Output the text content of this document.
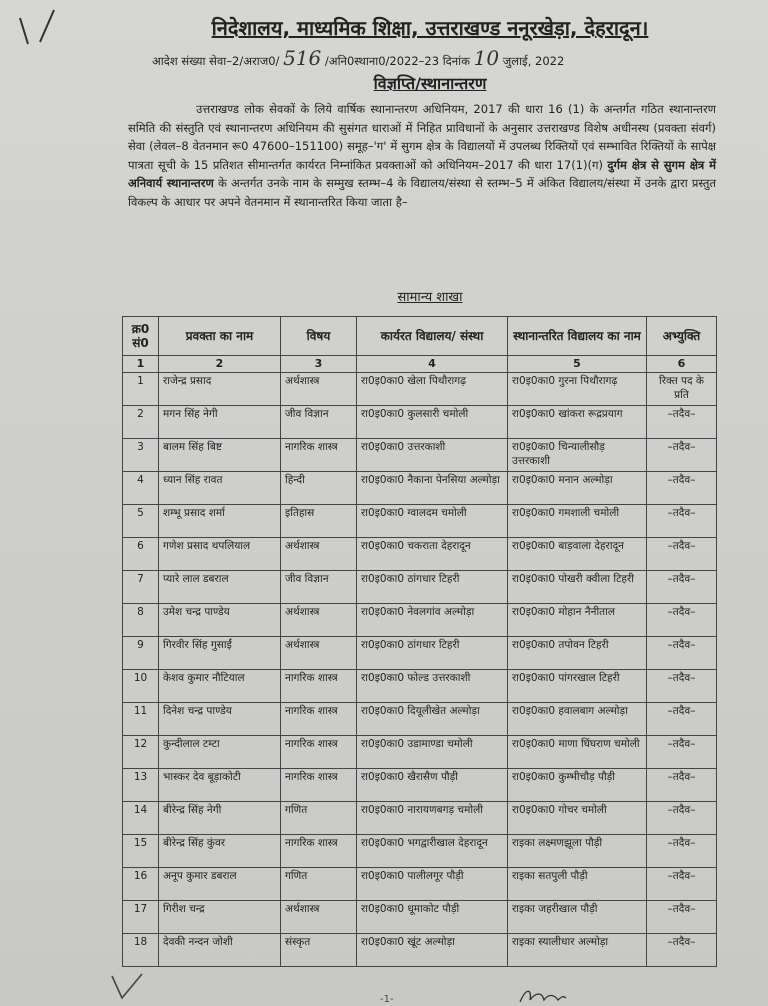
निदेशालय, माध्यमिक शिक्षा, उत्तराखण्ड ननूरखेड़ा, देहरादून।
आदेश संख्या सेवा–2/अराज0/ 516 /अनि0स्थाना0/2022–23 दिनांक 10 जुलाई, 2022
विज्ञप्ति/स्थानान्तरण

उत्तराखण्ड लोक सेवकों के लिये वार्षिक स्थानान्तरण अधिनियम, 2017 की धारा 16 (1) के अन्तर्गत गठित स्थानान्तरण समिति की संस्तुति एवं स्थानान्तरण अधिनियम की सुसंगत धाराओं में निहित प्राविधानों के अनुसार उत्तराखण्ड विशेष अधीनस्थ (प्रवक्ता संवर्ग) सेवा (लेवल–8 वेतनमान रू0 47600–151100) समूह–'ग' में सुगम क्षेत्र के विद्यालयों में उपलब्ध रिक्तियों एवं सम्भावित रिक्तियों के सापेक्ष पात्रता सूची के 15 प्रतिशत सीमान्तर्गत कार्यरत निम्नांकित प्रवक्ताओं को अधिनियम–2017 की धारा 17(1)(ग) दुर्गम क्षेत्र से सुगम क्षेत्र में अनिवार्य स्थानान्तरण के अन्तर्गत उनके नाम के सम्मुख स्तम्भ–4 के विद्यालय/संस्था से स्तम्भ–5 में अंकित विद्यालय/संस्था में उनके द्वारा प्रस्तुत विकल्प के आधार पर अपने वेतनमान में स्थानान्तरित किया जाता है–

सामान्य शाखा
क्र0 सं0	प्रवक्ता का नाम	विषय	कार्यरत विद्यालय/ संस्था	स्थानान्तरित विद्यालय का नाम	अभ्युक्ति
1	2	3	4	5	6
1	राजेन्द्र प्रसाद	अर्थशास्त्र	रा0इ0का0 खेला पिथौरागढ़	रा0इ0का0 गुरना पिथौरागढ़	रिक्त पद के प्रति
2	मगन सिंह नेगी	जीव विज्ञान	रा0इ0का0 कुलसारी चमोली	रा0इ0का0 खांकरा रूद्रप्रयाग	–तदैव–
3	बालम सिंह बिष्ट	नागरिक शास्त्र	रा0इ0का0 उत्तरकाशी	रा0इ0का0 चिन्यालीसौड़ उत्तरकाशी	–तदैव–
4	ध्यान सिंह रावत	हिन्दी	रा0इ0का0 नैकाना पेनसिया अल्मोड़ा	रा0इ0का0 मनान अल्मोड़ा	–तदैव–
5	शम्भू प्रसाद शर्मा	इतिहास	रा0इ0का0 ग्वालदम चमोली	रा0इ0का0 गमशाली चमोली	–तदैव–
6	गणेश प्रसाद थपलियाल	अर्थशास्त्र	रा0इ0का0 चकराता देहरादून	रा0इ0का0 बाड़वाला देहरादून	–तदैव–
7	प्यारे लाल डबराल	जीव विज्ञान	रा0इ0का0 ठांगधार टिहरी	रा0इ0का0 पोखरी क्वीला टिहरी	–तदैव–
8	उमेश चन्द्र पाण्डेय	अर्थशास्त्र	रा0इ0का0 नेवलगांव अल्मोड़ा	रा0इ0का0 मोहान नैनीताल	–तदैव–
9	गिरवीर सिंह गुसाईं	अर्थशास्त्र	रा0इ0का0 ठांगधार टिहरी	रा0इ0का0 तपोवन टिहरी	–तदैव–
10	केशव कुमार नौटियाल	नागरिक शास्त्र	रा0इ0का0 फोल्ड उत्तरकाशी	रा0इ0का0 पांगरखाल टिहरी	–तदैव–
11	दिनेश चन्द्र पाण्डेय	नागरिक शास्त्र	रा0इ0का0 दियूलीखेत अल्मोड़ा	रा0इ0का0 हवालबाग अल्मोड़ा	–तदैव–
12	कुन्दीलाल टम्टा	नागरिक शास्त्र	रा0इ0का0 उडामाण्डा चमोली	रा0इ0का0 माणा घिंघराण चमोली	–तदैव–
13	भास्कर देव बूड़ाकोटी	नागरिक शास्त्र	रा0इ0का0 खैरासैण पौड़ी	रा0इ0का0 कुम्भीचौड़ पौड़ी	–तदैव–
14	बीरेन्द्र सिंह नेगी	गणित	रा0इ0का0 नारायणबगड़ चमोली	रा0इ0का0 गोचर चमोली	–तदैव–
15	बीरेन्द्र सिंह कुंवर	नागरिक शास्त्र	रा0इ0का0 भगद्वारीखाल देहरादून	राइका लक्ष्मणझूला पौड़ी	–तदैव–
16	अनूप कुमार डबराल	गणित	रा0इ0का0 पालीलगूर पौड़ी	राइका सतपुली पौड़ी	–तदैव–
17	गिरीश चन्द्र	अर्थशास्त्र	रा0इ0का0 धूमाकोट पौड़ी	राइका जहरीखाल पौड़ी	–तदैव–
18	देवकी नन्दन जोशी	संस्कृत	रा0इ0का0 खूंट अल्मोड़ा	राइका स्यालीधार अल्मोड़ा	–तदैव–
-1-
